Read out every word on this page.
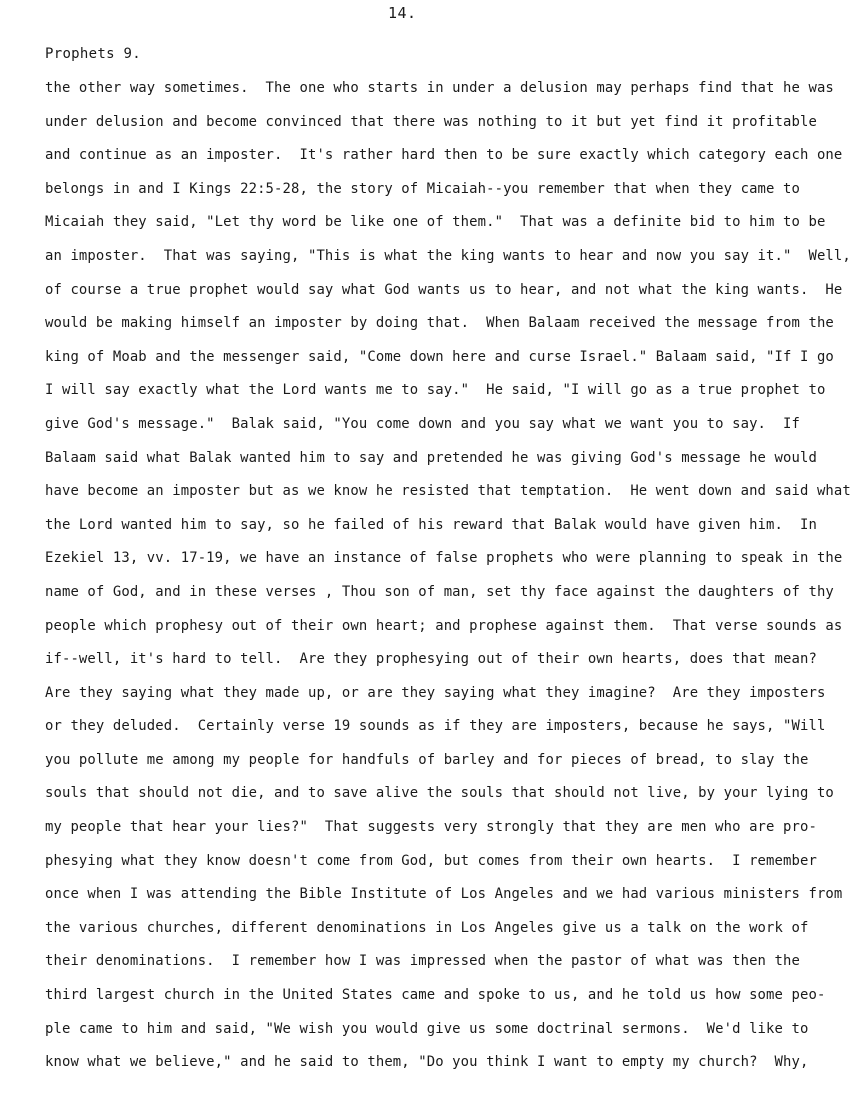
14.
Prophets 9.
the other way sometimes.  The one who starts in under a delusion may perhaps find that he was
under delusion and become convinced that there was nothing to it but yet find it profitable
and continue as an imposter.  It's rather hard then to be sure exactly which category each one
belongs in and I Kings 22:5-28, the story of Micaiah--you remember that when they came to
Micaiah they said, "Let thy word be like one of them."  That was a definite bid to him to be
an imposter.  That was saying, "This is what the king wants to hear and now you say it."  Well,
of course a true prophet would say what God wants us to hear, and not what the king wants.  He
would be making himself an imposter by doing that.  When Balaam received the message from the
king of Moab and the messenger said, "Come down here and curse Israel." Balaam said, "If I go
I will say exactly what the Lord wants me to say."  He said, "I will go as a true prophet to
give God's message."  Balak said, "You come down and you say what we want you to say.  If
Balaam said what Balak wanted him to say and pretended he was giving God's message he would
have become an imposter but as we know he resisted that temptation.  He went down and said what
the Lord wanted him to say, so he failed of his reward that Balak would have given him.  In
Ezekiel 13, vv. 17-19, we have an instance of false prophets who were planning to speak in the
name of God, and in these verses , Thou son of man, set thy face against the daughters of thy
people which prophesy out of their own heart; and prophese against them.  That verse sounds as
if--well, it's hard to tell.  Are they prophesying out of their own hearts, does that mean?
Are they saying what they made up, or are they saying what they imagine?  Are they imposters
or they deluded.  Certainly verse 19 sounds as if they are imposters, because he says, "Will
you pollute me among my people for handfuls of barley and for pieces of bread, to slay the
souls that should not die, and to save alive the souls that should not live, by your lying to
my people that hear your lies?"  That suggests very strongly that they are men who are pro-
phesying what they know doesn't come from God, but comes from their own hearts.  I remember
once when I was attending the Bible Institute of Los Angeles and we had various ministers from
the various churches, different denominations in Los Angeles give us a talk on the work of
their denominations.  I remember how I was impressed when the pastor of what was then the
third largest church in the United States came and spoke to us, and he told us how some peo-
ple came to him and said, "We wish you would give us some doctrinal sermons.  We'd like to
know what we believe," and he said to them, "Do you think I want to empty my church?  Why,
